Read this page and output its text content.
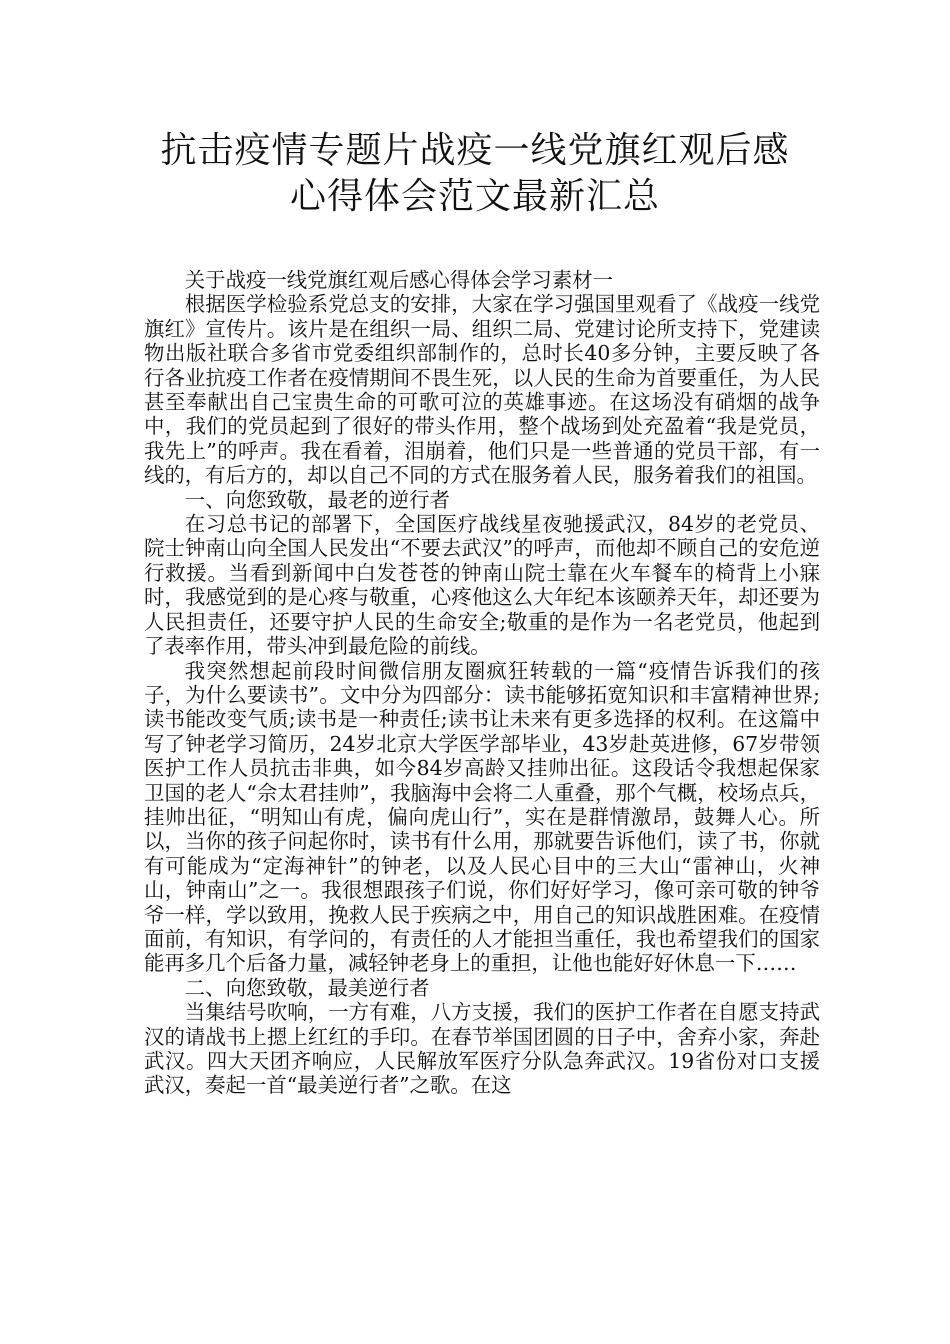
抗击疫情专题片战疫一线党旗红观后感
心得体会范文最新汇总

关于战疫一线党旗红观后感心得体会学习素材一

根据医学检验系党总支的安排，大家在学习强国里观看了《战疫一线党旗红》宣传片。该片是在组织一局、组织二局、党建讨论所支持下，党建读物出版社联合多省市党委组织部制作的，总时长40多分钟，主要反映了各行各业抗疫工作者在疫情期间不畏生死，以人民的生命为首要重任，为人民甚至奉献出自己宝贵生命的可歌可泣的英雄事迹。在这场没有硝烟的战争中，我们的党员起到了很好的带头作用，整个战场到处充盈着“我是党员，我先上”的呼声。我在看着，泪崩着，他们只是一些普通的党员干部，有一线的，有后方的，却以自己不同的方式在服务着人民，服务着我们的祖国。

一、向您致敬，最老的逆行者

在习总书记的部署下，全国医疗战线星夜驰援武汉，84岁的老党员、院士钟南山向全国人民发出“不要去武汉”的呼声，而他却不顾自己的安危逆行救援。当看到新闻中白发苍苍的钟南山院士靠在火车餐车的椅背上小寐时，我感觉到的是心疼与敬重，心疼他这么大年纪本该颐养天年，却还要为人民担责任，还要守护人民的生命安全;敬重的是作为一名老党员，他起到了表率作用，带头冲到最危险的前线。

我突然想起前段时间微信朋友圈疯狂转载的一篇“疫情告诉我们的孩子，为什么要读书”。文中分为四部分：读书能够拓宽知识和丰富精神世界;读书能改变气质;读书是一种责任;读书让未来有更多选择的权利。在这篇中写了钟老学习简历，24岁北京大学医学部毕业，43岁赴英进修，67岁带领医护工作人员抗击非典，如今84岁高龄又挂帅出征。这段话令我想起保家卫国的老人“佘太君挂帅”，我脑海中会将二人重叠，那个气概，校场点兵，挂帅出征，“明知山有虎，偏向虎山行”，实在是群情激昂，鼓舞人心。所以，当你的孩子问起你时，读书有什么用，那就要告诉他们，读了书，你就有可能成为“定海神针”的钟老，以及人民心目中的三大山“雷神山，火神山，钟南山”之一。我很想跟孩子们说，你们好好学习，像可亲可敬的钟爷爷一样，学以致用，挽救人民于疾病之中，用自己的知识战胜困难。在疫情面前，有知识，有学问的，有责任的人才能担当重任，我也希望我们的国家能再多几个后备力量，减轻钟老身上的重担，让他也能好好休息一下……

二、向您致敬，最美逆行者

当集结号吹响，一方有难，八方支援，我们的医护工作者在自愿支持武汉的请战书上摁上红红的手印。在春节举国团圆的日子中，舍弃小家，奔赴武汉。四大天团齐响应，人民解放军医疗分队急奔武汉。19省份对口支援武汉，奏起一首“最美逆行者”之歌。在这
